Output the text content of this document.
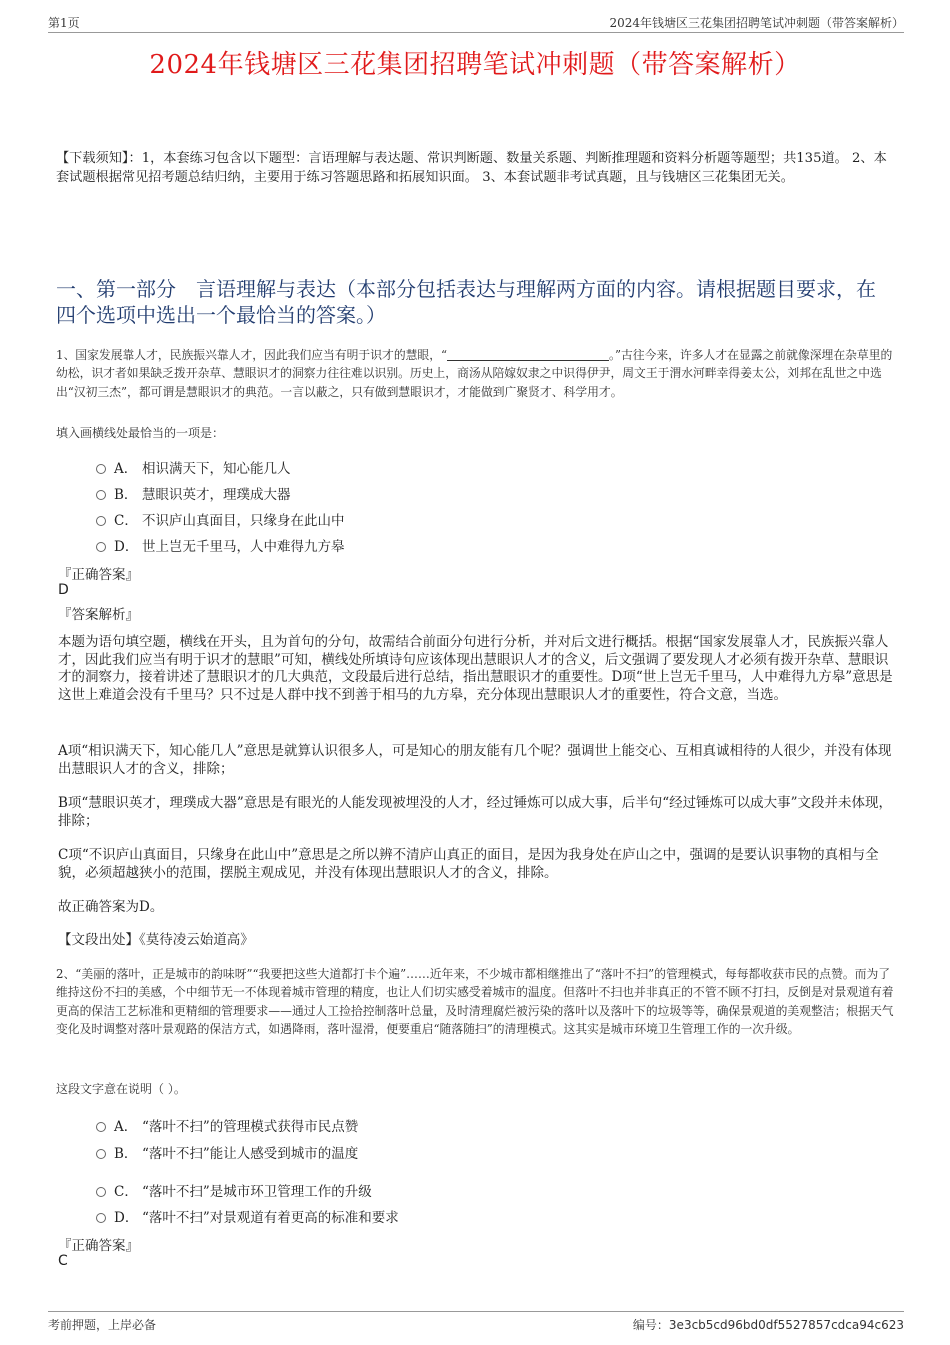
第1页	2024年钱塘区三花集团招聘笔试冲刺题（带答案解析）
2024年钱塘区三花集团招聘笔试冲刺题（带答案解析）
【下载须知】：1，本套练习包含以下题型：言语理解与表达题、常识判断题、数量关系题、判断推理题和资料分析题等题型；共135道。 2、本套试题根据常见招考题总结归纳，主要用于练习答题思路和拓展知识面。 3、本套试题非考试真题，且与钱塘区三花集团无关。
一、第一部分　言语理解与表达（本部分包括表达与理解两方面的内容。请根据题目要求，在四个选项中选出一个最恰当的答案。）
1、国家发展靠人才，民族振兴靠人才，因此我们应当有明于识才的慧眼，“	。”古往今来，许多人才在显露之前就像深埋在杂草里的幼松，识才者如果缺乏拨开杂草、慧眼识才的洞察力往往难以识别。历史上，商汤从陪嫁奴隶之中识得伊尹，周文王于渭水河畔幸得姜太公，刘邦在乱世之中选出“汉初三杰”，都可谓是慧眼识才的典范。一言以蔽之，只有做到慧眼识才，才能做到广聚贤才、科学用才。
填入画横线处最恰当的一项是：
A． 相识满天下，知心能几人
B． 慧眼识英才，理璞成大器
C． 不识庐山真面目，只缘身在此山中
D． 世上岂无千里马，人中难得九方皋
『正确答案』
D
『答案解析』
本题为语句填空题，横线在开头，且为首句的分句，故需结合前面分句进行分析，并对后文进行概括。根据“国家发展靠人才，民族振兴靠人才，因此我们应当有明于识才的慧眼”可知，横线处所填诗句应该体现出慧眼识人才的含义，后文强调了要发现人才必须有拨开杂草、慧眼识才的洞察力，接着讲述了慧眼识才的几大典范，文段最后进行总结，指出慧眼识才的重要性。D项“世上岂无千里马，人中难得九方皋”意思是这世上难道会没有千里马？只不过是人群中找不到善于相马的九方皋，充分体现出慧眼识人才的重要性，符合文意，当选。
A项“相识满天下，知心能几人”意思是就算认识很多人，可是知心的朋友能有几个呢？强调世上能交心、互相真诚相待的人很少，并没有体现出慧眼识人才的含义，排除；
B项“慧眼识英才，理璞成大器”意思是有眼光的人能发现被埋没的人才，经过锤炼可以成大事，后半句“经过锤炼可以成大事”文段并未体现，排除；
C项“不识庐山真面目，只缘身在此山中”意思是之所以辨不清庐山真正的面目，是因为我身处在庐山之中，强调的是要认识事物的真相与全貌，必须超越狭小的范围，摆脱主观成见，并没有体现出慧眼识人才的含义，排除。
故正确答案为D。
【文段出处】《莫待凌云始道高》
2、“美丽的落叶，正是城市的韵味呀”“我要把这些大道都打卡个遍”……近年来，不少城市都相继推出了“落叶不扫”的管理模式，每每都收获市民的点赞。而为了维持这份不扫的美感，个中细节无一不体现着城市管理的精度，也让人们切实感受着城市的温度。但落叶不扫也并非真正的不管不顾不打扫，反倒是对景观道有着更高的保洁工艺标准和更精细的管理要求——通过人工捡拾控制落叶总量，及时清理腐烂被污染的落叶以及落叶下的垃圾等等，确保景观道的美观整洁；根据天气变化及时调整对落叶景观路的保洁方式，如遇降雨，落叶湿滑，便要重启“随落随扫”的清理模式。这其实是城市环境卫生管理工作的一次升级。
这段文字意在说明（ ）。
A． “落叶不扫”的管理模式获得市民点赞
B． “落叶不扫”能让人感受到城市的温度
C． “落叶不扫”是城市环卫管理工作的升级
D． “落叶不扫”对景观道有着更高的标准和要求
『正确答案』
C
考前押题，上岸必备	编号：3e3cb5cd96bd0df5527857cdca94c623
